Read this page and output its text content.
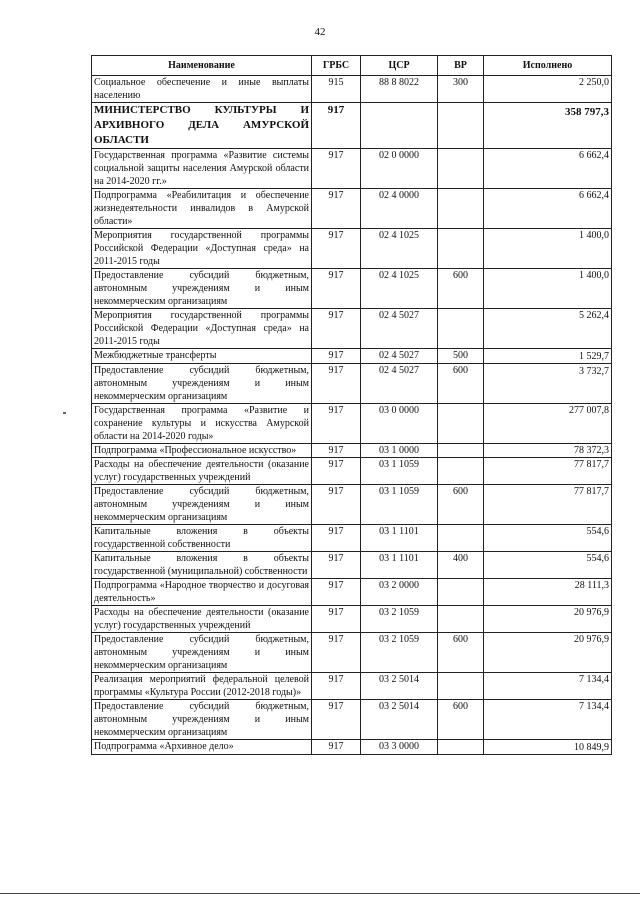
42
Наименование	ГРБС	ЦСР	ВР	Исполнено
Социальное обеспечение и иные выплаты населению	915	88 8 8022	300	2 250,0
МИНИСТЕРСТВО КУЛЬТУРЫ И АРХИВНОГО ДЕЛА АМУРСКОЙ ОБЛАСТИ	917			358 797,3
Государственная программа «Развитие системы социальной защиты населения Амурской области на 2014-2020 гг.»	917	02 0 0000		6 662,4
Подпрограмма «Реабилитация и обеспечение жизнедеятельности инвалидов в Амурской области»	917	02 4 0000		6 662,4
Мероприятия государственной программы Российской Федерации «Доступная среда» на 2011-2015 годы	917	02 4 1025		1 400,0
Предоставление субсидий бюджетным, автономным учреждениям и иным некоммерческим организациям	917	02 4 1025	600	1 400,0
Мероприятия государственной программы Российской Федерации «Доступная среда» на 2011-2015 годы	917	02 4 5027		5 262,4
Межбюджетные трансферты	917	02 4 5027	500	1 529,7
Предоставление субсидий бюджетным, автономным учреждениям и иным некоммерческим организациям	917	02 4 5027	600	3 732,7
Государственная программа «Развитие и сохранение культуры и искусства Амурской области на 2014-2020 годы»	917	03 0 0000		277 007,8
Подпрограмма «Профессиональное искусство»	917	03 1 0000		78 372,3
Расходы на обеспечение деятельности (оказание услуг) государственных учреждений	917	03 1 1059		77 817,7
Предоставление субсидий бюджетным, автономным учреждениям и иным некоммерческим организациям	917	03 1 1059	600	77 817,7
Капитальные вложения в объекты государственной собственности	917	03 1 1101		554,6
Капитальные вложения в объекты государственной (муниципальной) собственности	917	03 1 1101	400	554,6
Подпрограмма «Народное творчество и досуговая деятельность»	917	03 2 0000		28 111,3
Расходы на обеспечение деятельности (оказание услуг) государственных учреждений	917	03 2 1059		20 976,9
Предоставление субсидий бюджетным, автономным учреждениям и иным некоммерческим организациям	917	03 2 1059	600	20 976,9
Реализация мероприятий федеральной целевой программы «Культура России (2012-2018 годы)»	917	03 2 5014		7 134,4
Предоставление субсидий бюджетным, автономным учреждениям и иным некоммерческим организациям	917	03 2 5014	600	7 134,4
Подпрограмма «Архивное дело»	917	03 3 0000		10 849,9
